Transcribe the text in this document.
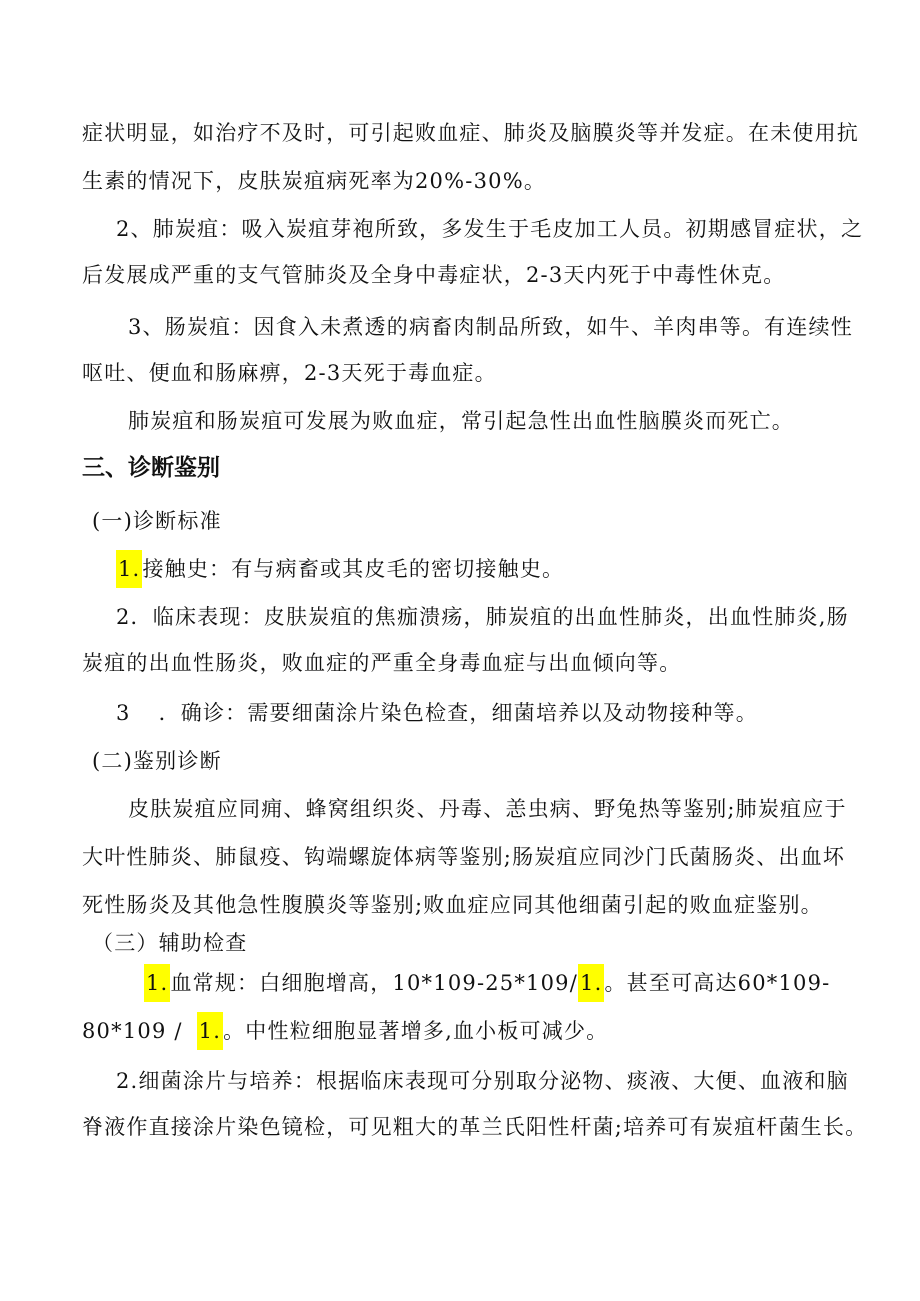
症状明显，如治疗不及时，可引起败血症、肺炎及脑膜炎等并发症。在未使用抗
生素的情况下，皮肤炭疽病死率为20%-30%。
2、肺炭疽：吸入炭疽芽袍所致，多发生于毛皮加工人员。初期感冒症状，之
后发展成严重的支气管肺炎及全身中毒症状，2-3天内死于中毒性休克。
3、肠炭疽：因食入未煮透的病畜肉制品所致，如牛、羊肉串等。有连续性
呕吐、便血和肠麻痹，2-3天死于毒血症。
肺炭疽和肠炭疽可发展为败血症，常引起急性出血性脑膜炎而死亡。
三、诊断鉴别
(一)诊断标准
1.接触史：有与病畜或其皮毛的密切接触史。
2．临床表现：皮肤炭疽的焦痂溃疡，肺炭疽的出血性肺炎，出血性肺炎,肠
炭疽的出血性肠炎，败血症的严重全身毒血症与出血倾向等。
3 ．确诊：需要细菌涂片染色检查，细菌培养以及动物接种等。
(二)鉴别诊断
皮肤炭疽应同痈、蜂窝组织炎、丹毒、恙虫病、野兔热等鉴别;肺炭疽应于
大叶性肺炎、肺鼠疫、钩端螺旋体病等鉴别;肠炭疽应同沙门氏菌肠炎、出血坏
死性肠炎及其他急性腹膜炎等鉴别;败血症应同其他细菌引起的败血症鉴别。
（三）辅助检查
1.血常规：白细胞增高，10*109-25*109/1.。甚至可高达60*109-
80*109 / 1.。中性粒细胞显著增多,血小板可减少。
2.细菌涂片与培养：根据临床表现可分别取分泌物、痰液、大便、血液和脑
脊液作直接涂片染色镜检，可见粗大的革兰氏阳性杆菌;培养可有炭疽杆菌生长。
